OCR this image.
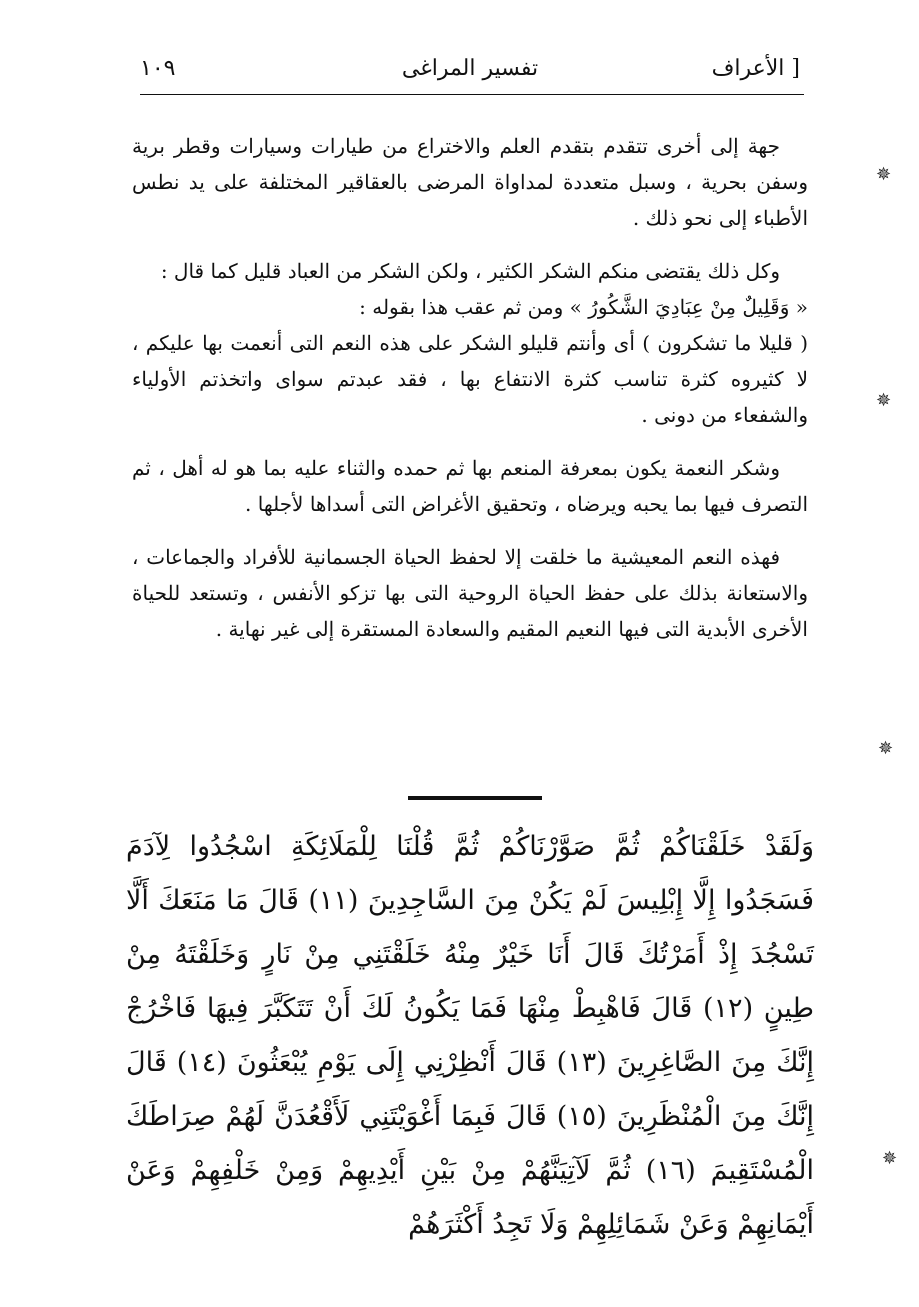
[ الأعراف
تفسير المراغى
١٠٩

جهة إلى أخرى تتقدم بتقدم العلم والاختراع من طيارات وسيارات وقطر برية وسفن بحرية ، وسبل متعددة لمداواة المرضى بالعقاقير المختلفة على يد نطس الأطباء إلى نحو ذلك .

وكل ذلك يقتضى منكم الشكر الكثير ، ولكن الشكر من العباد قليل كما قال :

« وَقَلِيلٌ مِنْ عِبَادِيَ الشَّكُورُ » ومن ثم عقب هذا بقوله :

( قليلا ما تشكرون ) أى وأنتم قليلو الشكر على هذه النعم التى أنعمت بها عليكم ، لا كثيروه كثرة تناسب كثرة الانتفاع بها ، فقد عبدتم سواى واتخذتم الأولياء والشفعاء من دونى .

وشكر النعمة يكون بمعرفة المنعم بها ثم حمده والثناء عليه بما هو له أهل ، ثم التصرف فيها بما يحبه ويرضاه ، وتحقيق الأغراض التى أسداها لأجلها .

فهذه النعم المعيشية ما خلقت إلا لحفظ الحياة الجسمانية للأفراد والجماعات ، والاستعانة بذلك على حفظ الحياة الروحية التى بها تزكو الأنفس ، وتستعد للحياة الأخرى الأبدية التى فيها النعيم المقيم والسعادة المستقرة إلى غير نهاية .

وَلَقَدْ خَلَقْنَاكُمْ ثُمَّ صَوَّرْنَاكُمْ ثُمَّ قُلْنَا لِلْمَلَائِكَةِ اسْجُدُوا لِآدَمَ فَسَجَدُوا إِلَّا إِبْلِيسَ لَمْ يَكُنْ مِنَ السَّاجِدِينَ (١١) قَالَ مَا مَنَعَكَ أَلَّا تَسْجُدَ إِذْ أَمَرْتُكَ قَالَ أَنَا خَيْرٌ مِنْهُ خَلَقْتَنِي مِنْ نَارٍ وَخَلَقْتَهُ مِنْ طِينٍ (١٢) قَالَ فَاهْبِطْ مِنْهَا فَمَا يَكُونُ لَكَ أَنْ تَتَكَبَّرَ فِيهَا فَاخْرُجْ إِنَّكَ مِنَ الصَّاغِرِينَ (١٣) قَالَ أَنْظِرْنِي إِلَى يَوْمِ يُبْعَثُونَ (١٤) قَالَ إِنَّكَ مِنَ الْمُنْظَرِينَ (١٥) قَالَ فَبِمَا أَغْوَيْتَنِي لَأَقْعُدَنَّ لَهُمْ صِرَاطَكَ الْمُسْتَقِيمَ (١٦) ثُمَّ لَآتِيَنَّهُمْ مِنْ بَيْنِ أَيْدِيهِمْ وَمِنْ خَلْفِهِمْ وَعَنْ أَيْمَانِهِمْ وَعَنْ شَمَائِلِهِمْ وَلَا تَجِدُ أَكْثَرَهُمْ
✵
✵
✵
✵
